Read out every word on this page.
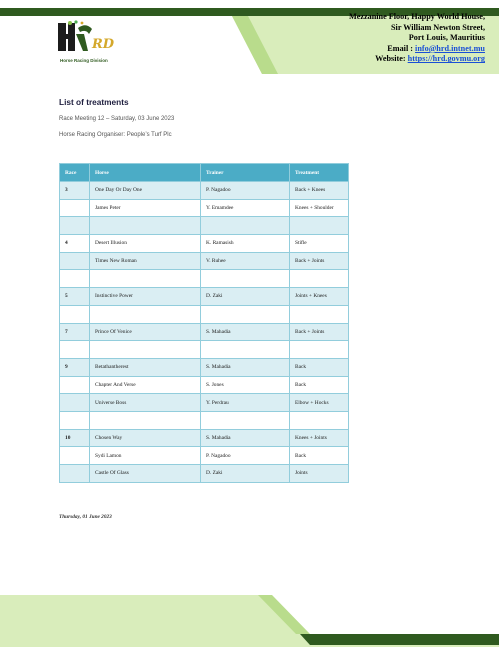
RD
Horse Racing Division
Mezzanine Floor, Happy World House,
Sir William Newton Street,
Port Louis, Mauritius
Email : info@hrd.intnet.mu
Website: https://hrd.govmu.org
List of treatments
Race Meeting 12 – Saturday, 03 June 2023
Horse Racing Organiser: People’s Turf Plc
Race	Horse	Trainer	Treatment
3	One Day Or Day One	P. Nagadoo	Back + Knees
	James Peter	Y. Emamdee	Knees + Shoulder

4	Desert Illusion	K. Ramasish	Stifle
	Times New Roman	V. Ruhee	Back + Joints

5	Instinctive Power	D. Zaki	Joints + Knees

7	Prince Of Venice	S. Mahadia	Back + Joints

9	Betathantherest	S. Mahadia	Back
	Chapter And Verse	S. Jones	Back
	Universe Boss	Y. Perdrau	Elbow + Hocks

10	Chosen Way	S. Mahadia	Knees + Joints
	Sydi Lamon	P. Nagadoo	Back
	Castle Of Glass	D. Zaki	Joints
Thursday, 01 June 2023
